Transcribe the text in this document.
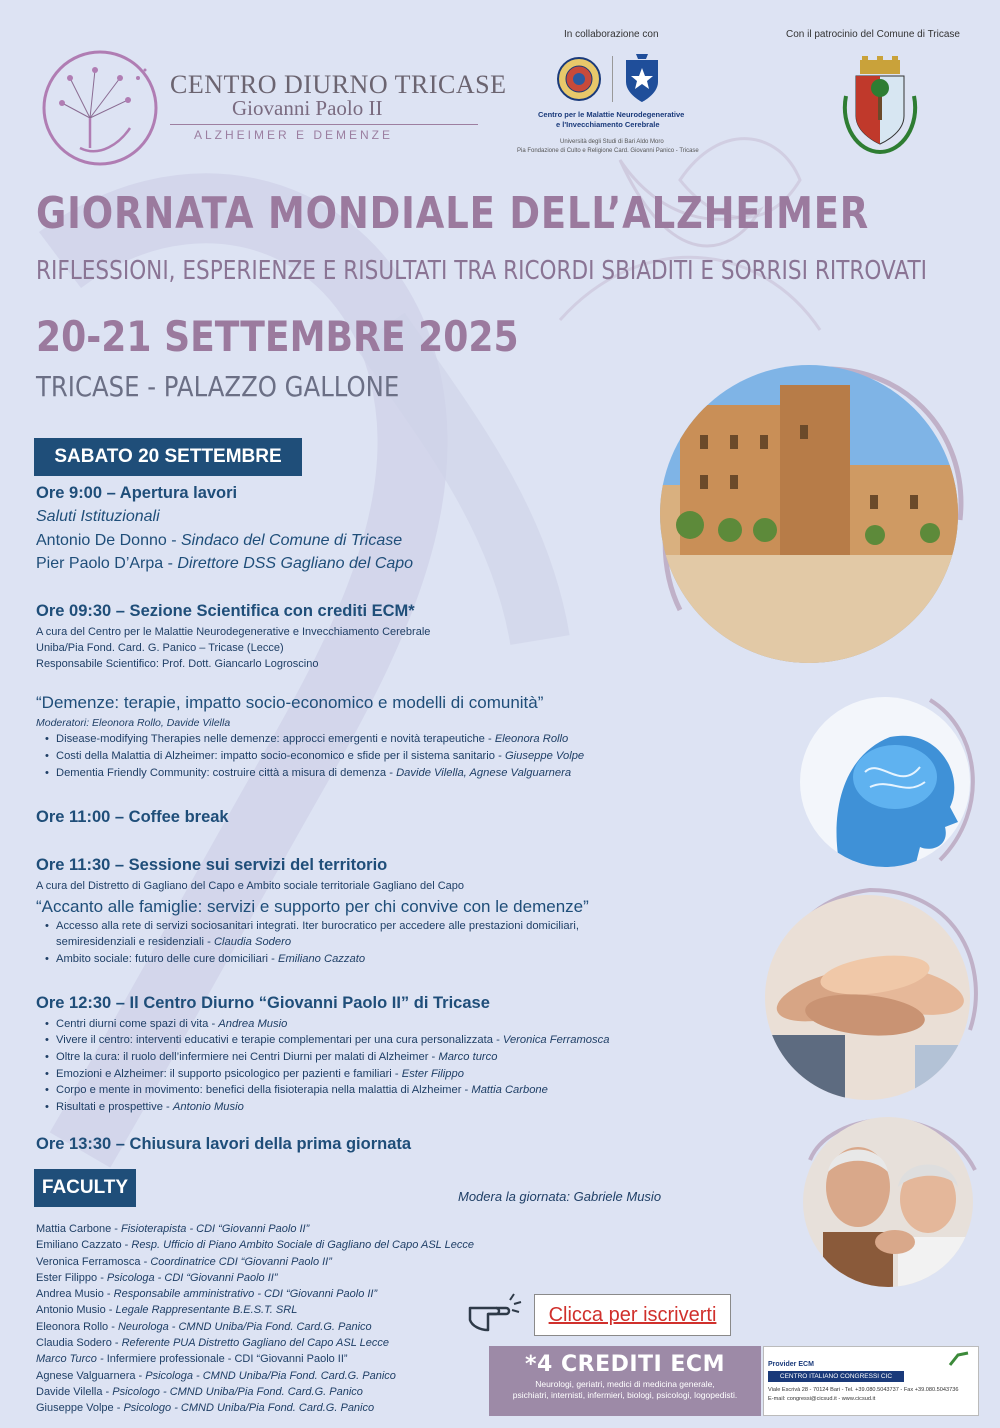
CENTRO DIURNO TRICASE
Giovanni Paolo II
ALZHEIMER E DEMENZE
In collaborazione con
Centro per le Malattie Neurodegenerative
e l'Invecchiamento Cerebrale
Università degli Studi di Bari Aldo Moro
Pia Fondazione di Culto e Religione Card. Giovanni Panico - Tricase
Con il patrocinio del Comune di Tricase
GIORNATA MONDIALE DELL’ALZHEIMER
RIFLESSIONI, ESPERIENZE E RISULTATI TRA RICORDI SBIADITI E SORRISI RITROVATI
20-21 SETTEMBRE 2025
TRICASE - PALAZZO GALLONE
SABATO 20 SETTEMBRE
Ore 9:00 – Apertura lavori
Saluti Istituzionali
Antonio De Donno - Sindaco del Comune di Tricase
Pier Paolo D’Arpa - Direttore DSS Gagliano del Capo
Ore 09:30 – Sezione Scientifica con crediti ECM*
A cura del Centro per le Malattie Neurodegenerative e Invecchiamento Cerebrale
Uniba/Pia Fond. Card. G. Panico – Tricase (Lecce)
Responsabile Scientifico: Prof. Dott. Giancarlo Logroscino
“Demenze: terapie, impatto socio-economico e modelli di comunità”
Moderatori: Eleonora Rollo, Davide Vilella
• Disease-modifying Therapies nelle demenze: approcci emergenti e novità terapeutiche - Eleonora Rollo
• Costi della Malattia di Alzheimer: impatto socio-economico e sfide per il sistema sanitario - Giuseppe Volpe
• Dementia Friendly Community: costruire città a misura di demenza - Davide Vilella, Agnese Valguarnera
Ore 11:00 – Coffee break
Ore 11:30 – Sessione sui servizi del territorio
A cura del Distretto di Gagliano del Capo e Ambito sociale territoriale Gagliano del Capo
“Accanto alle famiglie: servizi e supporto per chi convive con le demenze”
• Accesso alla rete di servizi sociosanitari integrati. Iter burocratico per accedere alle prestazioni domiciliari,
semiresidenziali e residenziali - Claudia Sodero
• Ambito sociale: futuro delle cure domiciliari - Emiliano Cazzato
Ore 12:30 – Il Centro Diurno “Giovanni Paolo II” di Tricase
• Centri diurni come spazi di vita - Andrea Musio
• Vivere il centro: interventi educativi e terapie complementari per una cura personalizzata - Veronica Ferramosca
• Oltre la cura: il ruolo dell’infermiere nei Centri Diurni per malati di Alzheimer - Marco turco
• Emozioni e Alzheimer: il supporto psicologico per pazienti e familiari - Ester Filippo
• Corpo e mente in movimento: benefici della fisioterapia nella malattia di Alzheimer - Mattia Carbone
• Risultati e prospettive - Antonio Musio
Ore 13:30 – Chiusura lavori della prima giornata
FACULTY	Modera la giornata: Gabriele Musio
Mattia Carbone - Fisioterapista - CDI “Giovanni Paolo II”
Emiliano Cazzato - Resp. Ufficio di Piano Ambito Sociale di Gagliano del Capo ASL Lecce
Veronica Ferramosca - Coordinatrice CDI “Giovanni Paolo II”
Ester Filippo - Psicologa - CDI “Giovanni Paolo II”
Andrea Musio - Responsabile amministrativo - CDI “Giovanni Paolo II”
Antonio Musio - Legale Rappresentante B.E.S.T. SRL
Eleonora Rollo - Neurologa - CMND Uniba/Pia Fond. Card.G. Panico
Claudia Sodero - Referente PUA Distretto Gagliano del Capo ASL Lecce
Marco Turco - Infermiere professionale - CDI “Giovanni Paolo II”
Agnese Valguarnera - Psicologa - CMND Uniba/Pia Fond. Card.G. Panico
Davide Vilella - Psicologo - CMND Uniba/Pia Fond. Card.G. Panico
Giuseppe Volpe - Psicologo - CMND Uniba/Pia Fond. Card.G. Panico
Clicca per iscriverti
*4 CREDITI ECM
Neurologi, geriatri, medici di medicina generale,
psichiatri, internisti, infermieri, biologi, psicologi, logopedisti.
Provider ECM
CENTRO ITALIANO CONGRESSI CIC
Viale Escrivà 28 - 70124 Bari - Tel. +39.080.5043737 - Fax +39.080.5043736
E-mail: congressi@cicsud.it - www.cicsud.it
